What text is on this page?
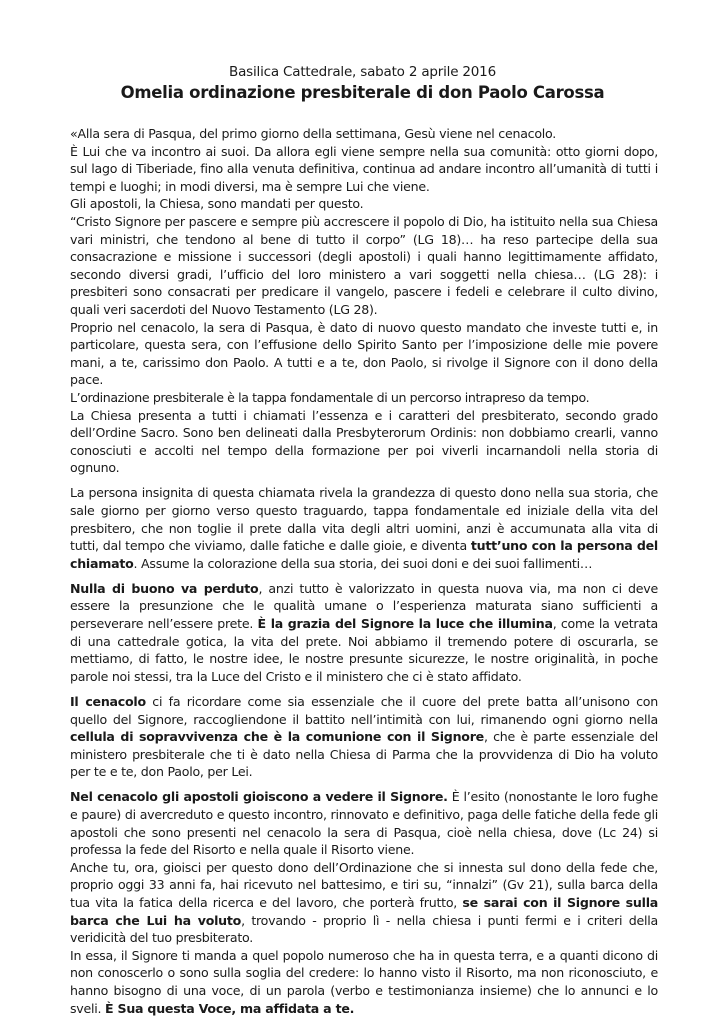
Basilica Cattedrale, sabato 2 aprile 2016
Omelia ordinazione presbiterale di don Paolo Carossa

«Alla sera di Pasqua, del primo giorno della settimana, Gesù viene nel cenacolo.

È Lui che va incontro ai suoi. Da allora egli viene sempre nella sua comunità: otto giorni dopo, sul lago di Tiberiade, fino alla venuta definitiva, continua ad andare incontro all’umanità di tutti i tempi e luoghi; in modi diversi, ma è sempre Lui che viene.

Gli apostoli, la Chiesa, sono mandati per questo.

“Cristo Signore per pascere e sempre più accrescere il popolo di Dio, ha istituito nella sua Chiesa vari ministri, che tendono al bene di tutto il corpo” (LG 18)… ha reso partecipe della sua consacrazione e missione i successori (degli apostoli) i quali hanno legittimamente affidato, secondo diversi gradi, l’ufficio del loro ministero a vari soggetti nella chiesa… (LG 28): i presbiteri sono consacrati per predicare il vangelo, pascere i fedeli e celebrare il culto divino, quali veri sacerdoti del Nuovo Testamento (LG 28).

Proprio nel cenacolo, la sera di Pasqua, è dato di nuovo questo mandato che investe tutti e, in particolare, questa sera, con l’effusione dello Spirito Santo per l’imposizione delle mie povere mani, a te, carissimo don Paolo. A tutti e a te, don Paolo, si rivolge il Signore con il dono della pace.

L’ordinazione presbiterale è la tappa fondamentale di un percorso intrapreso da tempo.

La Chiesa presenta a tutti i chiamati l’essenza e i caratteri del presbiterato, secondo grado dell’Ordine Sacro. Sono ben delineati dalla Presbyterorum Ordinis: non dobbiamo crearli, vanno conosciuti e accolti nel tempo della formazione per poi viverli incarnandoli nella storia di ognuno.

La persona insignita di questa chiamata rivela la grandezza di questo dono nella sua storia, che sale giorno per giorno verso questo traguardo, tappa fondamentale ed iniziale della vita del presbitero, che non toglie il prete dalla vita degli altri uomini, anzi è accumunata alla vita di tutti, dal tempo che viviamo, dalle fatiche e dalle gioie, e diventa tutt’uno con la persona del chiamato. Assume la colorazione della sua storia, dei suoi doni e dei suoi fallimenti…

Nulla di buono va perduto, anzi tutto è valorizzato in questa nuova via, ma non ci deve essere la presunzione che le qualità umane o l’esperienza maturata siano sufficienti a perseverare nell’essere prete. È la grazia del Signore la luce che illumina, come la vetrata di una cattedrale gotica, la vita del prete. Noi abbiamo il tremendo potere di oscurarla, se mettiamo, di fatto, le nostre idee, le nostre presunte sicurezze, le nostre originalità, in poche parole noi stessi, tra la Luce del Cristo e il ministero che ci è stato affidato.

Il cenacolo ci fa ricordare come sia essenziale che il cuore del prete batta all’unisono con quello del Signore, raccogliendone il battito nell’intimità con lui, rimanendo ogni giorno nella cellula di sopravvivenza che è la comunione con il Signore, che è parte essenziale del ministero presbiterale che ti è dato nella Chiesa di Parma che la provvidenza di Dio ha voluto per te e te, don Paolo, per Lei.

Nel cenacolo gli apostoli gioiscono a vedere il Signore. È l’esito (nonostante le loro fughe e paure) di avercreduto e questo incontro, rinnovato e definitivo, paga delle fatiche della fede gli apostoli che sono presenti nel cenacolo la sera di Pasqua, cioè nella chiesa, dove (Lc 24) si professa la fede del Risorto e nella quale il Risorto viene.

Anche tu, ora, gioisci per questo dono dell’Ordinazione che si innesta sul dono della fede che, proprio oggi 33 anni fa, hai ricevuto nel battesimo, e tiri su, “innalzi” (Gv 21), sulla barca della tua vita la fatica della ricerca e del lavoro, che porterà frutto, se sarai con il Signore sulla barca che Lui ha voluto, trovando - proprio lì - nella chiesa i punti fermi e i criteri della veridicità del tuo presbiterato.

In essa, il Signore ti manda a quel popolo numeroso che ha in questa terra, e a quanti dicono di non conoscerlo o sono sulla soglia del credere: lo hanno visto il Risorto, ma non riconosciuto, e hanno bisogno di una voce, di un parola (verbo e testimonianza insieme) che lo annunci e lo sveli. È Sua questa Voce, ma affidata a te.
